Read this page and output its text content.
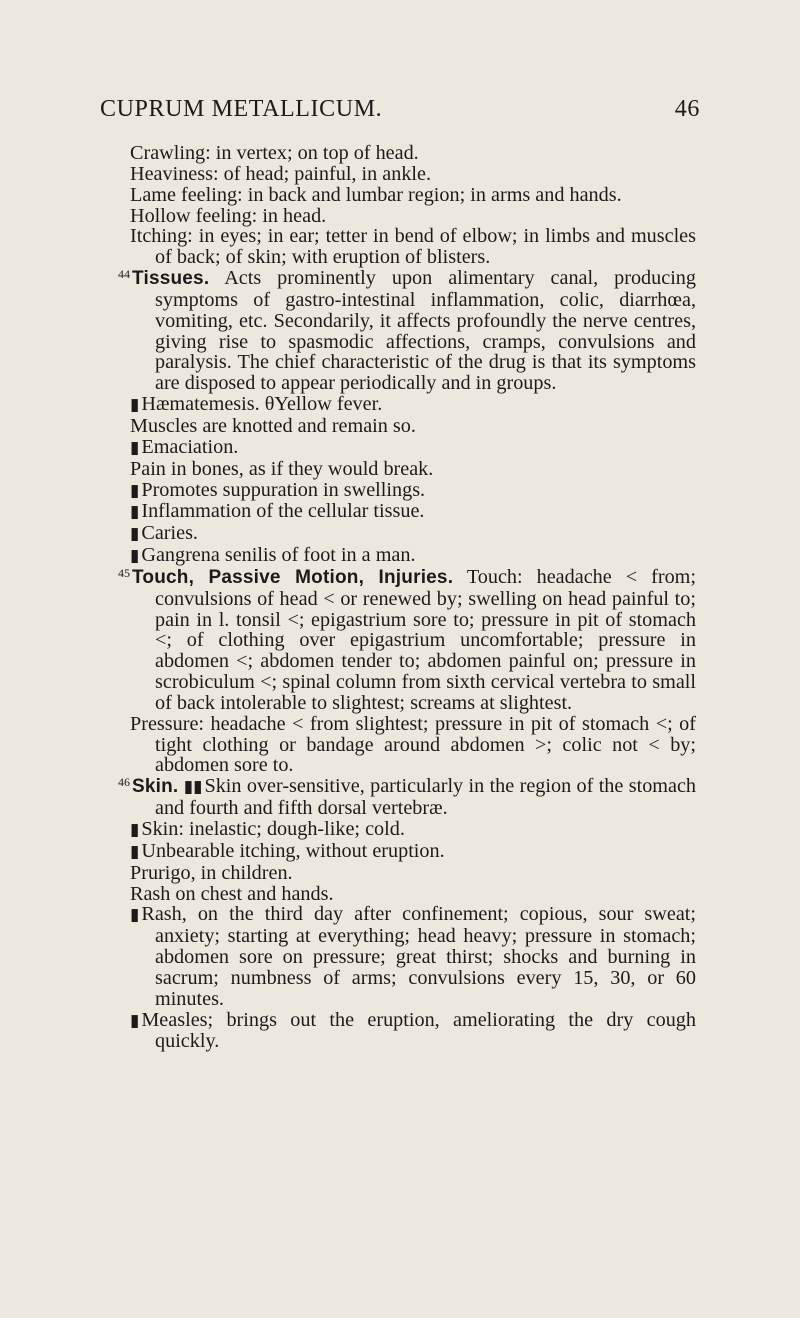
CUPRUM METALLICUM.	46

Crawling: in vertex; on top of head.

Heaviness: of head; painful, in ankle.

Lame feeling: in back and lumbar region; in arms and hands.

Hollow feeling: in head.

Itching: in eyes; in ear; tetter in bend of elbow; in limbs and muscles of back; of skin; with eruption of blisters.

$^{44}$ Tissues. Acts prominently upon alimentary canal, producing symptoms of gastro-intestinal inflammation, colic, diarrhœa, vomiting, etc. Secondarily, it affects profoundly the nerve centres, giving rise to spasmodic affections, cramps, convulsions and paralysis. The chief characteristic of the drug is that its symptoms are disposed to appear periodically and in groups.

▮Hæmatemesis. θYellow fever.

Muscles are knotted and remain so.

▮Emaciation.

Pain in bones, as if they would break.

▮Promotes suppuration in swellings.

▮Inflammation of the cellular tissue.

▮Caries.

▮Gangrena senilis of foot in a man.

$^{45}$ Touch, Passive Motion, Injuries. Touch: headache < from; convulsions of head < or renewed by; swelling on head painful to; pain in l. tonsil <; epigastrium sore to; pressure in pit of stomach <; of clothing over epigastrium uncomfortable; pressure in abdomen <; abdomen tender to; abdomen painful on; pressure in scrobiculum <; spinal column from sixth cervical vertebra to small of back intolerable to slightest; screams at slightest.

Pressure: headache < from slightest; pressure in pit of stomach <; of tight clothing or bandage around abdomen >; colic not < by; abdomen sore to.

$^{46}$ Skin. ▮▮Skin over-sensitive, particularly in the region of the stomach and fourth and fifth dorsal vertebræ.

▮Skin: inelastic; dough-like; cold.

▮Unbearable itching, without eruption.

Prurigo, in children.

Rash on chest and hands.

▮Rash, on the third day after confinement; copious, sour sweat; anxiety; starting at everything; head heavy; pressure in stomach; abdomen sore on pressure; great thirst; shocks and burning in sacrum; numbness of arms; convulsions every 15, 30, or 60 minutes.

▮Measles; brings out the eruption, ameliorating the dry cough quickly.
